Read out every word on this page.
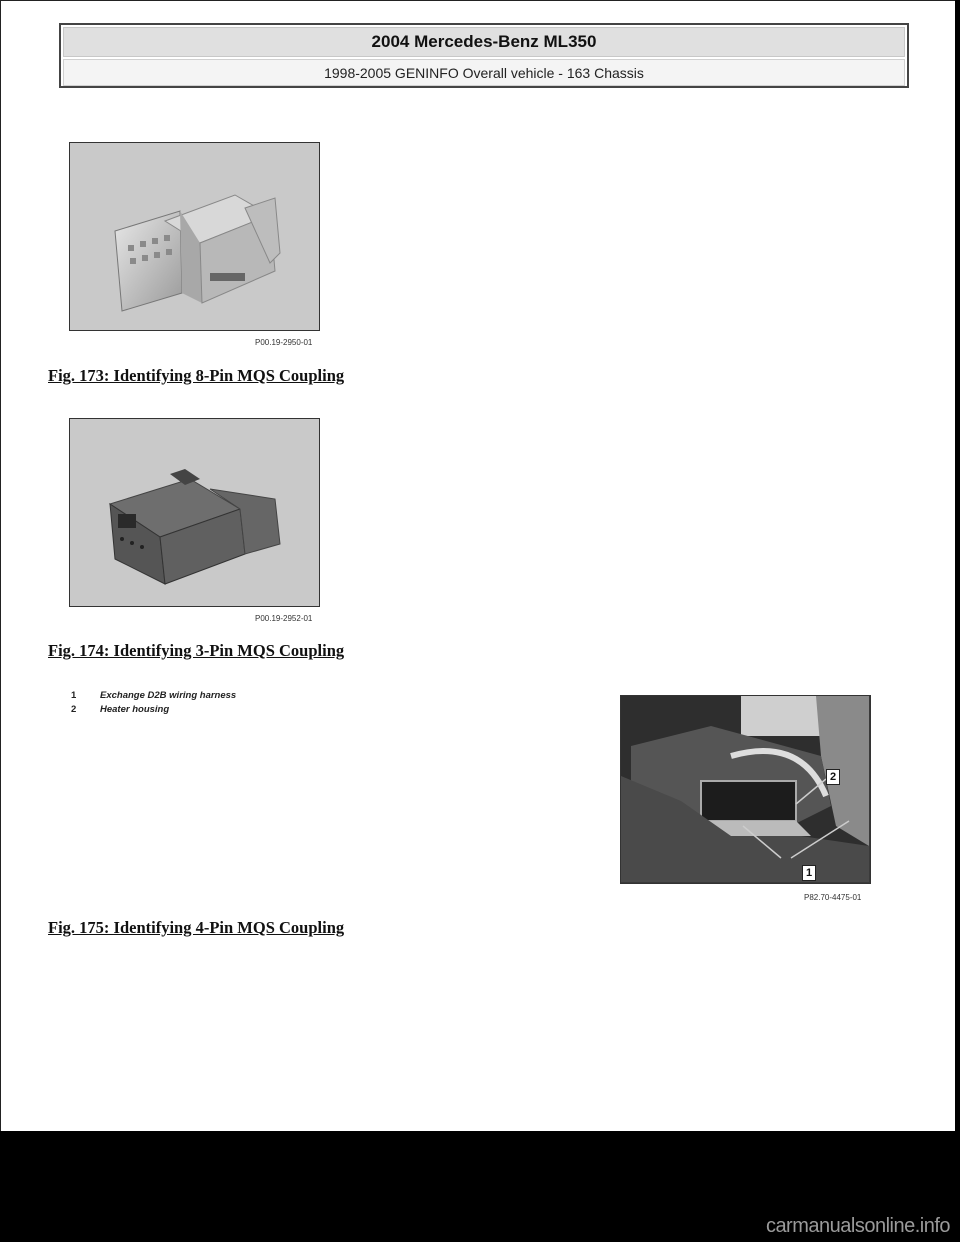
2004 Mercedes-Benz ML350
1998-2005 GENINFO Overall vehicle - 163 Chassis
P00.19-2950-01
Fig. 173: Identifying 8-Pin MQS Coupling
P00.19-2952-01
Fig. 174: Identifying 3-Pin MQS Coupling
1	Exchange D2B wiring harness
2	Heater housing
2
1
P82.70-4475-01
Fig. 175: Identifying 4-Pin MQS Coupling
carmanualsonline.info
